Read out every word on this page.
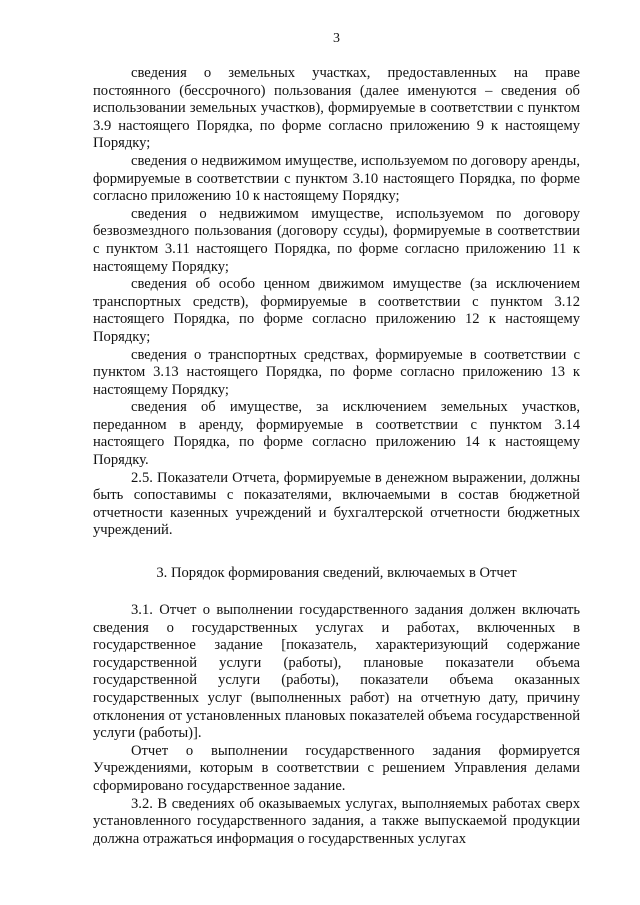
3

сведения о земельных участках, предоставленных на праве постоянного (бессрочного) пользования (далее именуются – сведения об использовании земельных участков), формируемые в соответствии с пунктом 3.9 настоящего Порядка, по форме согласно приложению 9 к настоящему Порядку;

сведения о недвижимом имуществе, используемом по договору аренды, формируемые в соответствии с пунктом 3.10 настоящего Порядка, по форме согласно приложению 10 к настоящему Порядку;

сведения о недвижимом имуществе, используемом по договору безвозмездного пользования (договору ссуды), формируемые в соответствии с пунктом 3.11 настоящего Порядка, по форме согласно приложению 11 к настоящему Порядку;

сведения об особо ценном движимом имуществе (за исключением транспортных средств), формируемые в соответствии с пунктом 3.12 настоящего Порядка, по форме согласно приложению 12 к настоящему Порядку;

сведения о транспортных средствах, формируемые в соответствии с пунктом 3.13 настоящего Порядка, по форме согласно приложению 13 к настоящему Порядку;

сведения об имуществе, за исключением земельных участков, переданном в аренду, формируемые в соответствии с пунктом 3.14 настоящего Порядка, по форме согласно приложению 14 к настоящему Порядку.

2.5. Показатели Отчета, формируемые в денежном выражении, должны быть сопоставимы с показателями, включаемыми в состав бюджетной отчетности казенных учреждений и бухгалтерской отчетности бюджетных учреждений.

3. Порядок формирования сведений, включаемых в Отчет

3.1. Отчет о выполнении государственного задания должен включать сведения о государственных услугах и работах, включенных в государственное задание [показатель, характеризующий содержание государственной услуги (работы), плановые показатели объема государственной услуги (работы), показатели объема оказанных государственных услуг (выполненных работ) на отчетную дату, причину отклонения от установленных плановых показателей объема государственной услуги (работы)].

Отчет о выполнении государственного задания формируется Учреждениями, которым в соответствии с решением Управления делами сформировано государственное задание.

3.2. В сведениях об оказываемых услугах, выполняемых работах сверх установленного государственного задания, а также выпускаемой продукции должна отражаться информация о государственных услугах
